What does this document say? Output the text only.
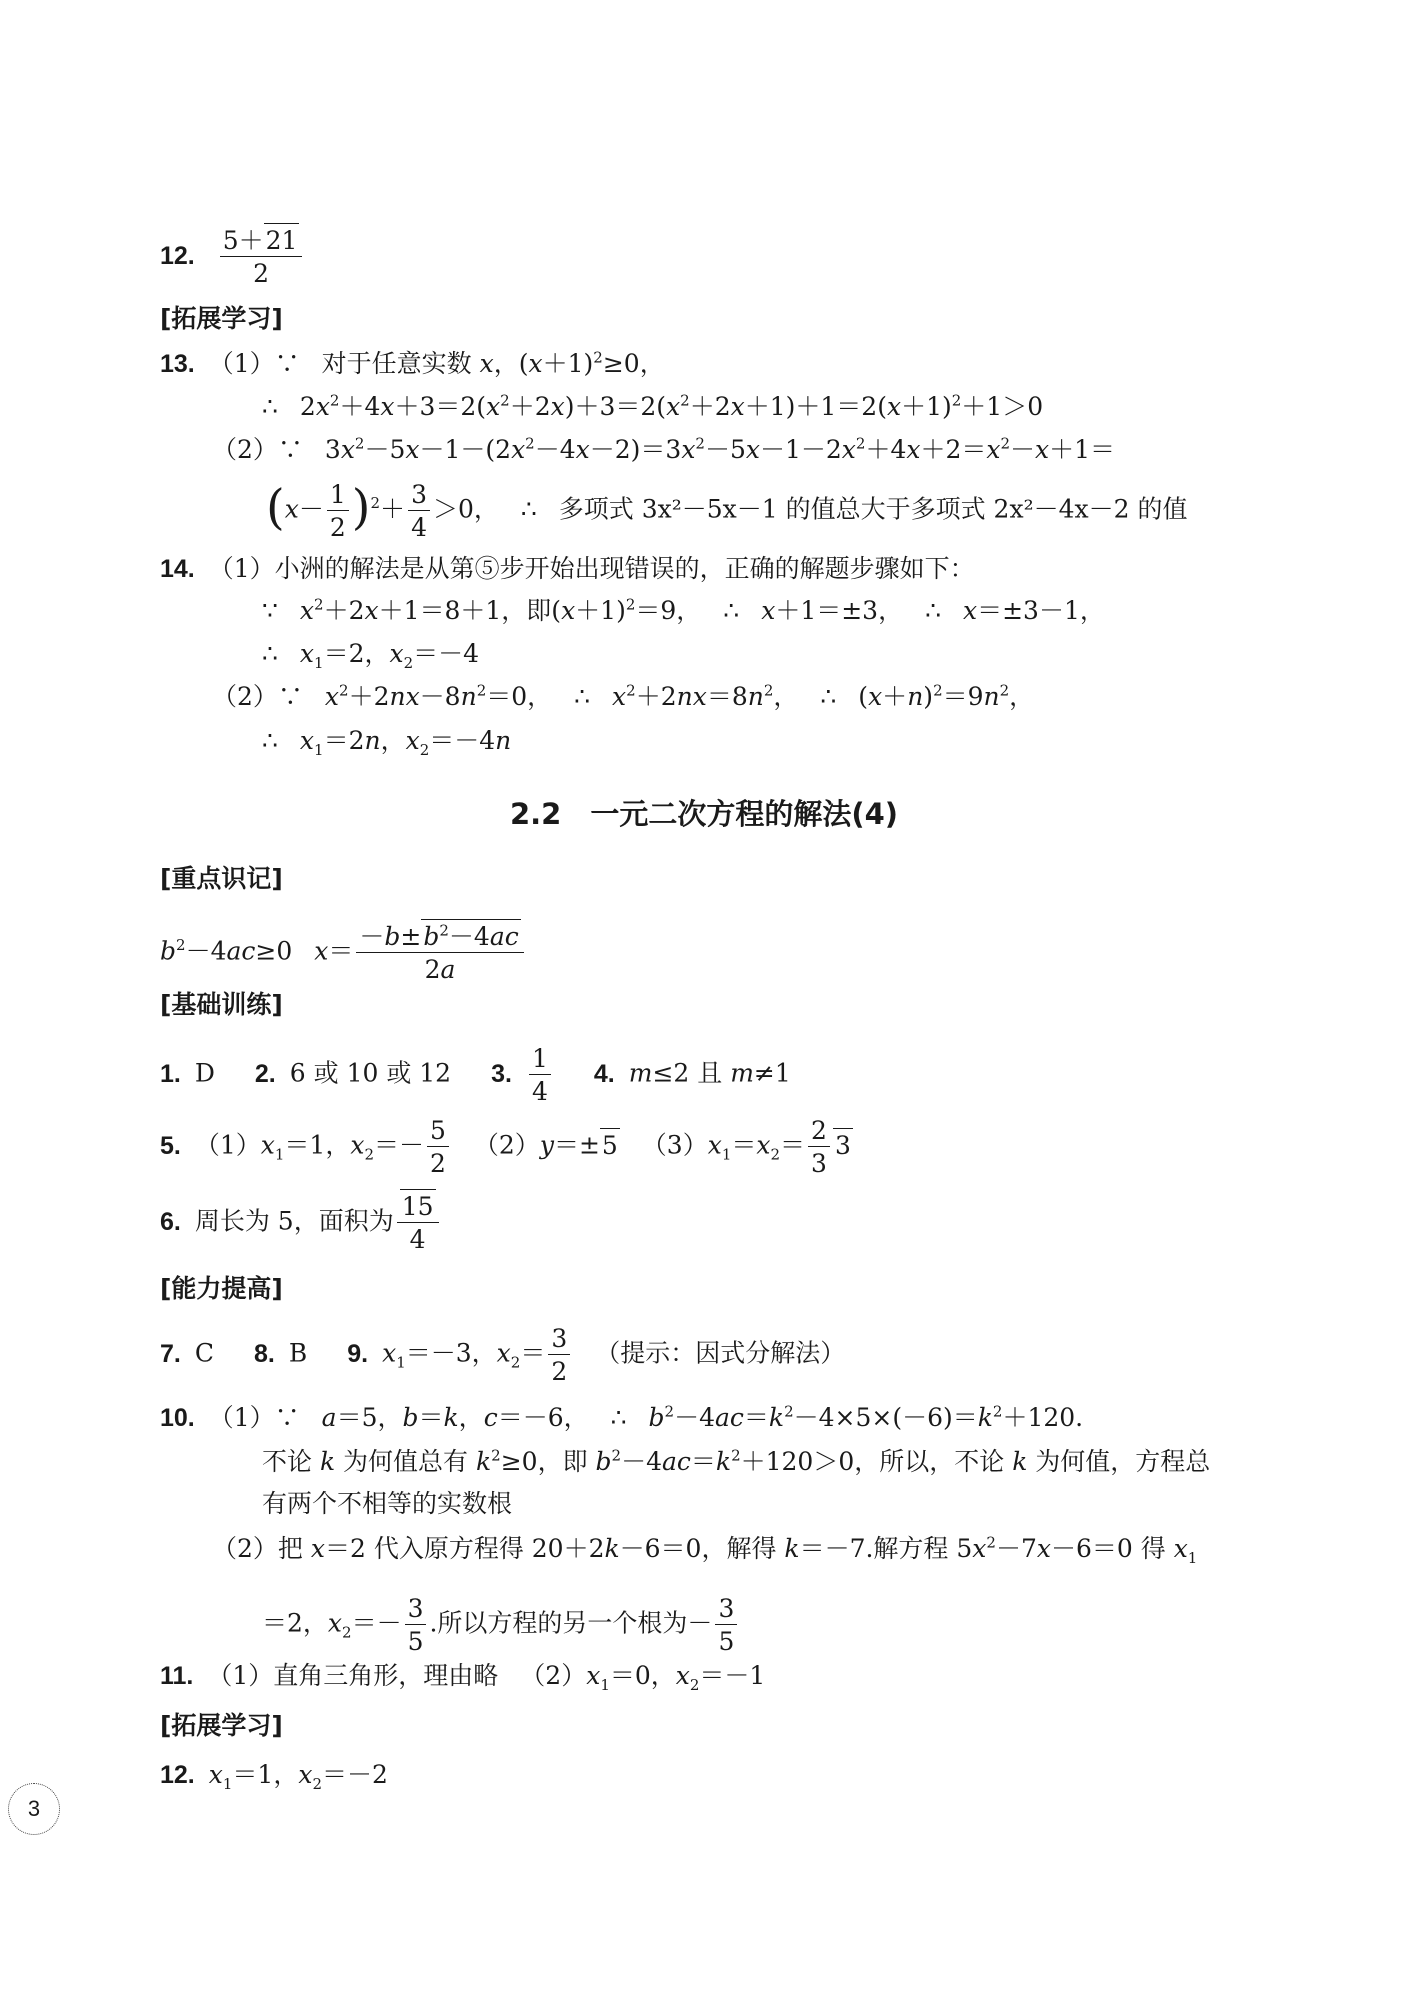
12. $\frac{5+21}{2}$
[拓展学习]
13. （1）∵ 对于任意实数 x，$(x+1)^2\ge 0$，
∴ $2x^2+4x+3=2(x^2+2x)+3=2(x^2+2x+1)+1=2(x+1)^2+1>0$
（2）∵ $3x^2-5x-1-(2x^2-4x-2)=3x^2-5x-1-2x^2+4x+2=x^2-x+1=$
$(x- \frac{1}{2} )^2+ \frac{3}{4} >0$， ∴ 多项式 3x²－5x－1 的值总大于多项式 2x²－4x－2 的值
14. （1）小洲的解法是从第⑤步开始出现错误的，正确的解题步骤如下：
∵ $x^2+2x+1=8+1$，即$(x+1)^2=9$， ∴ x＋1＝±3， ∴ x＝±3－1，
∴ $x_1=2$，$x_2=-4$
（2）∵ $x^2+2nx-8n^2=0$， ∴ $x^2+2nx=8n^2$， ∴ $(x+n)^2=9n^2$，
∴ $x_1=2n$，$x_2=-4n$
2.2　一元二次方程的解法(4)
[重点识记]
$b^2-4ac\ge 0$ $x= \frac{-b\pm b^2-4ac}{2a}$
[基础训练]
1. D 2. 6 或 10 或 12 3. $\frac{1}{4} 4$. m≤2 且 m≠1
5. $(1)x_1=1$，$x_2=- \frac{5}{2} (2)y=\pm 5$ $(3)x_1=x_2= \frac{2}{3} 3$
6. 周长为 5，面积为 $\frac{15}{4}$
[能力提高]
7. C 8. B 9. $x_1=-3$，$x_2= \frac{3}{2}$ （提示：因式分解法）
10. （1）∵ a＝5，b＝k，c＝－6， ∴ $b^2-4ac=k^2-4\times 5\times(-6)=k^2+120$.
不论 k 为何值总有 $k^2\ge 0$，即 $b^2-4ac=k^2+120>0$，所以，不论 k 为何值，方程总
有两个不相等的实数根
（2）把 x＝2 代入原方程得 20＋2k－6＝0，解得 k＝－7.解方程 $5x^2-7x-6=0$ 得 $x_1$
＝2，$x_2=- \frac{3}{5}$ .所以方程的另一个根为－ $\frac{3}{5}$
11. （1）直角三角形，理由略 $(2)x_1=0$，$x_2=-1$
[拓展学习]
12. $x_1=1$，$x_2=-2$
3
